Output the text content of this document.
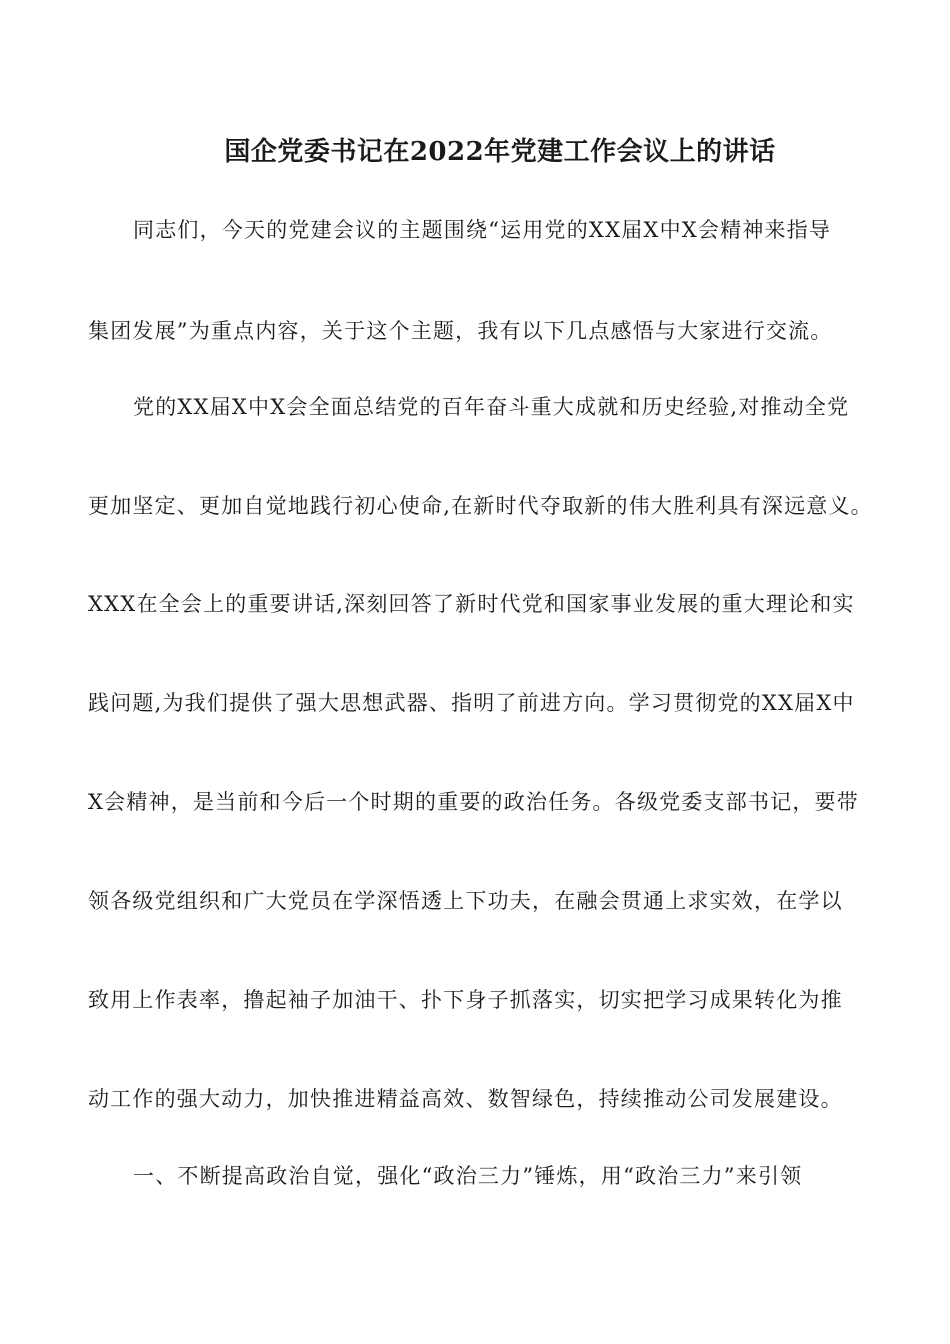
国企党委书记在2022年党建工作会议上的讲话
同志们，今天的党建会议的主题围绕“运用党的XX届X中X会精神来指导
集团发展”为重点内容，关于这个主题，我有以下几点感悟与大家进行交流。
党的XX届X中X会全面总结党的百年奋斗重大成就和历史经验,对推动全党
更加坚定、更加自觉地践行初心使命,在新时代夺取新的伟大胜利具有深远意义。
XXX在全会上的重要讲话,深刻回答了新时代党和国家事业发展的重大理论和实
践问题,为我们提供了强大思想武器、指明了前进方向。学习贯彻党的XX届X中
X会精神，是当前和今后一个时期的重要的政治任务。各级党委支部书记，要带
领各级党组织和广大党员在学深悟透上下功夫，在融会贯通上求实效，在学以
致用上作表率，撸起袖子加油干、扑下身子抓落实，切实把学习成果转化为推
动工作的强大动力，加快推进精益高效、数智绿色，持续推动公司发展建设。
一、不断提高政治自觉，强化“政治三力”锤炼，用“政治三力”来引领
